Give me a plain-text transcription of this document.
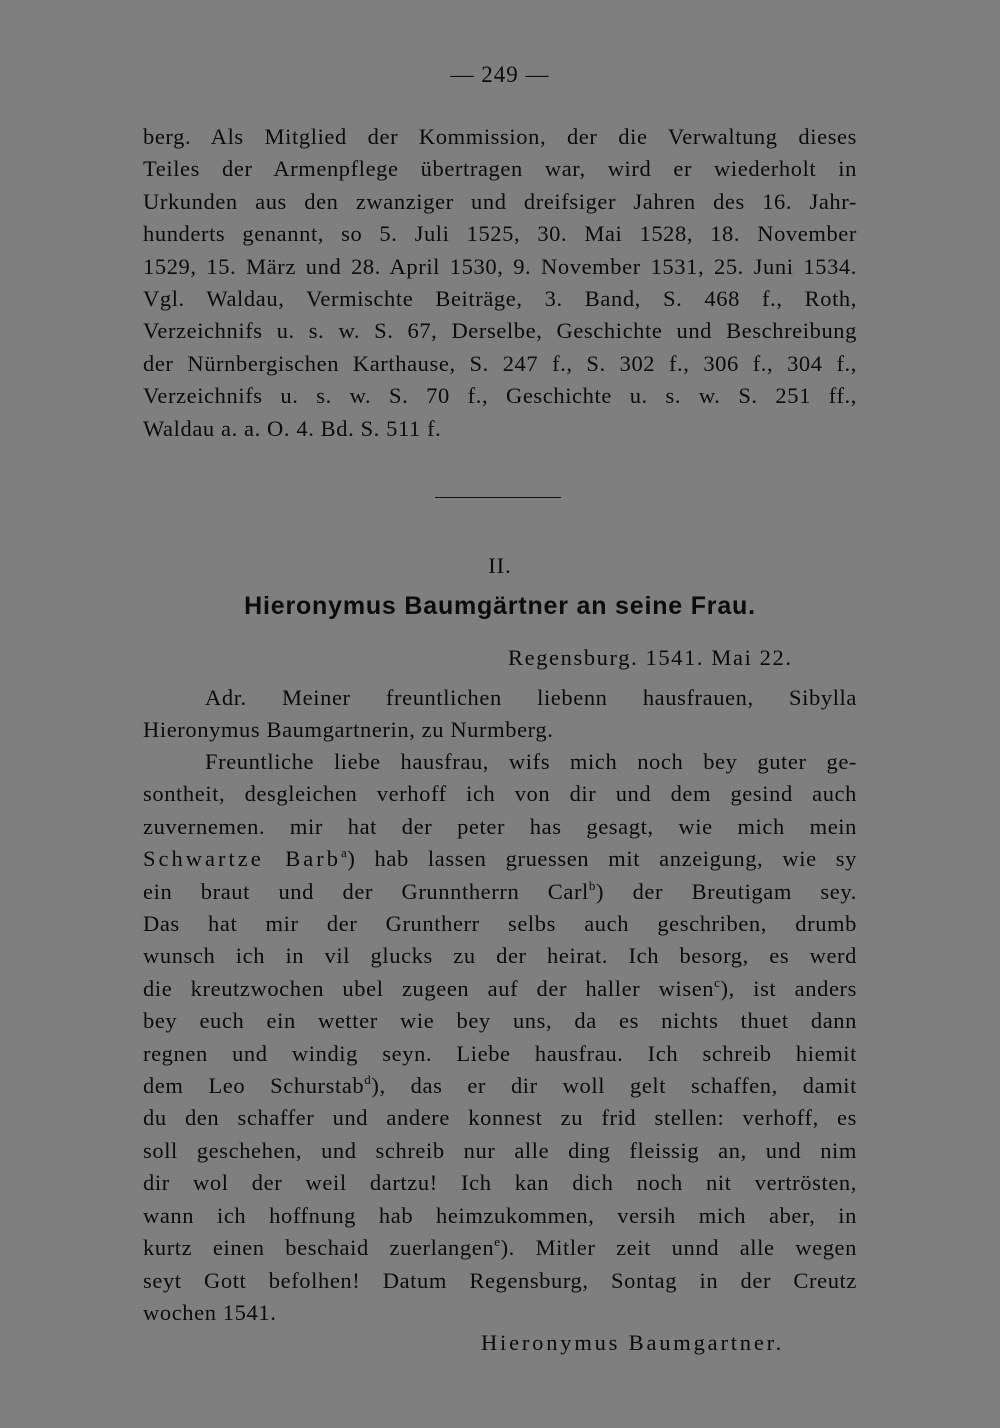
— 249 —
berg. Als Mitglied der Kommission, der die Verwaltung dieses
Teiles der Armenpflege übertragen war, wird er wiederholt in
Urkunden aus den zwanziger und dreifsiger Jahren des 16. Jahr-
hunderts genannt, so 5. Juli 1525, 30. Mai 1528, 18. November
1529, 15. März und 28. April 1530, 9. November 1531, 25. Juni 1534.
Vgl. Waldau, Vermischte Beiträge, 3. Band, S. 468 f., Roth,
Verzeichnifs u. s. w. S. 67, Derselbe, Geschichte und Beschreibung
der Nürnbergischen Karthause, S. 247 f., S. 302 f., 306 f., 304 f.,
Verzeichnifs u. s. w. S. 70 f., Geschichte u. s. w. S. 251 ff.,
Waldau a. a. O. 4. Bd. S. 511 f.
II.
Hieronymus Baumgärtner an seine Frau.
Regensburg. 1541. Mai 22.
Adr. Meiner freuntlichen liebenn hausfrauen, Sibylla
Hieronymus Baumgartnerin, zu Nurmberg.
Freuntliche liebe hausfrau, wifs mich noch bey guter ge-
sontheit, desgleichen verhoff ich von dir und dem gesind auch
zuvernemen. mir hat der peter has gesagt, wie mich mein
Schwartze Barb$^a$) hab lassen gruessen mit anzeigung, wie sy
ein braut und der Grunntherrn Carl$^b$) der Breutigam sey.
Das hat mir der Gruntherr selbs auch geschriben, drumb
wunsch ich in vil glucks zu der heirat. Ich besorg, es werd
die kreutzwochen ubel zugeen auf der haller wisen$^c$), ist anders
bey euch ein wetter wie bey uns, da es nichts thuet dann
regnen und windig seyn. Liebe hausfrau. Ich schreib hiemit
dem Leo Schurstab$^d$), das er dir woll gelt schaffen, damit
du den schaffer und andere konnest zu frid stellen: verhoff, es
soll geschehen, und schreib nur alle ding fleissig an, und nim
dir wol der weil dartzu! Ich kan dich noch nit vertrösten,
wann ich hoffnung hab heimzukommen, versih mich aber, in
kurtz einen beschaid zuerlangen$^e$). Mitler zeit unnd alle wegen
seyt Gott befolhen! Datum Regensburg, Sontag in der Creutz
wochen 1541.
Hieronymus Baumgartner.
